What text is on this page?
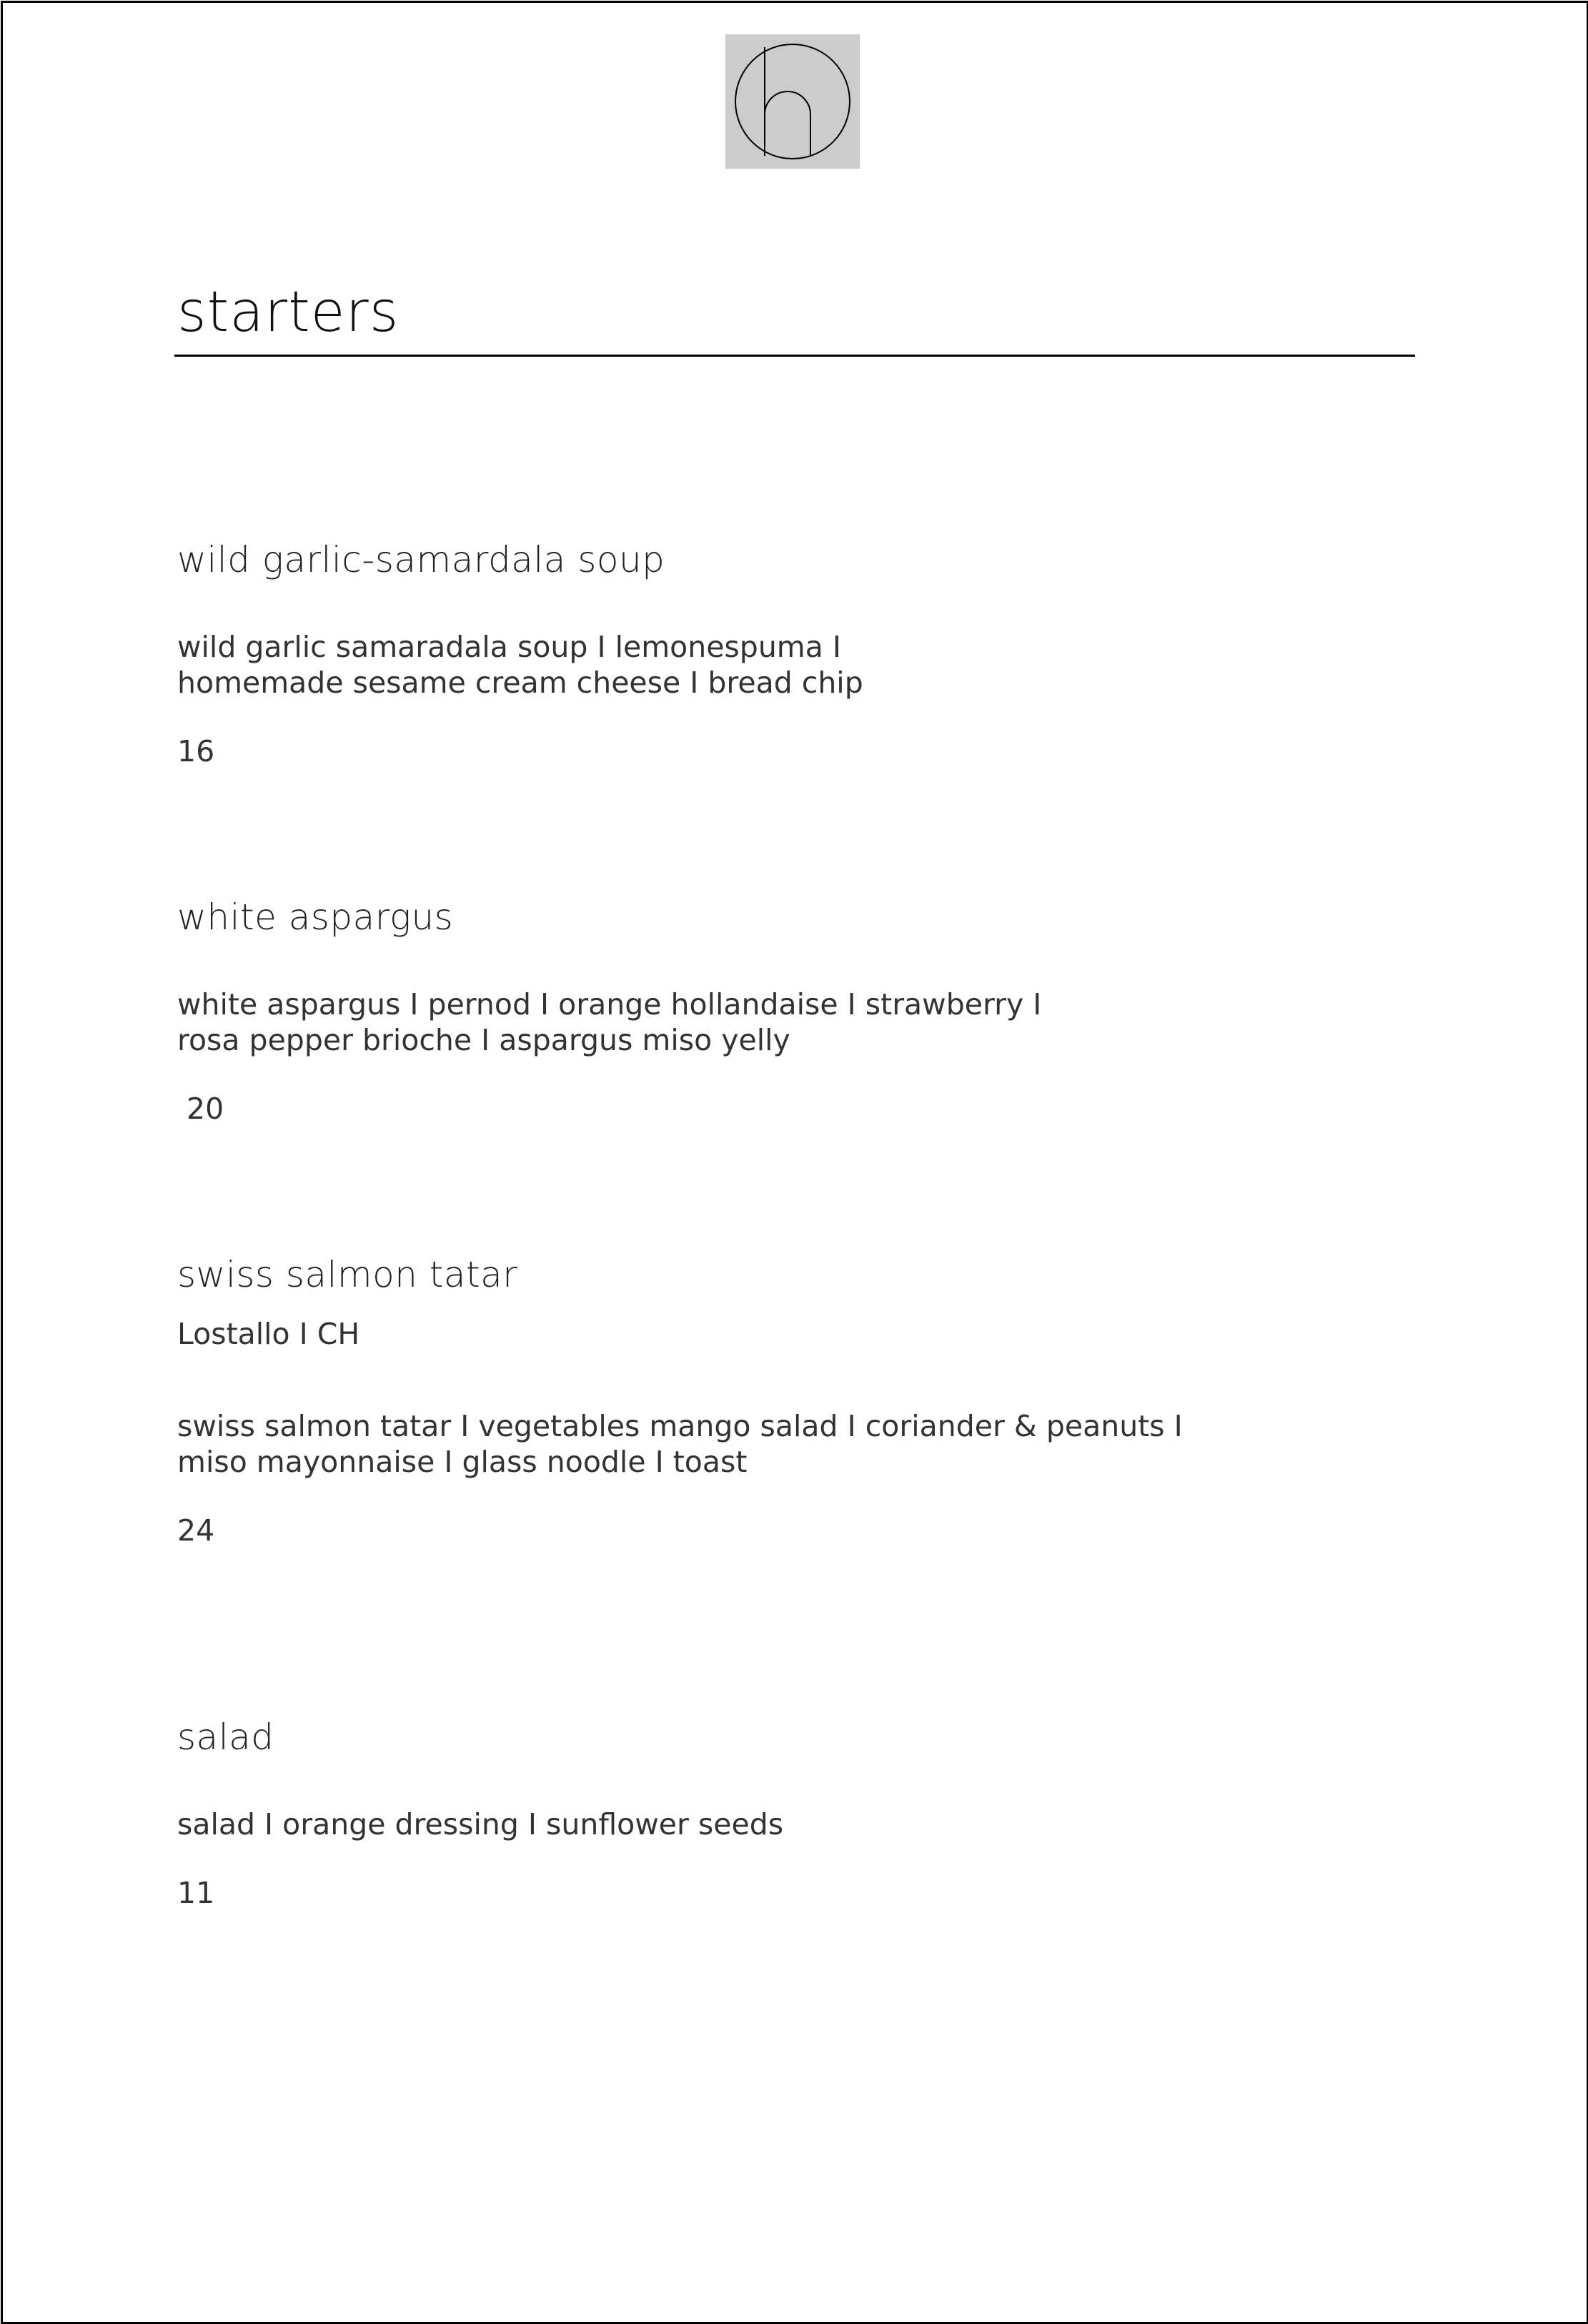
starters

wild garlic-samardala soup

wild garlic samaradala soup I lemonespuma I
homemade sesame cream cheese I bread chip

16

white aspargus

white aspargus I pernod I orange hollandaise I strawberry I
rosa pepper brioche I aspargus miso yelly

20

swiss salmon tatar

Lostallo I CH

swiss salmon tatar I vegetables mango salad I coriander & peanuts I
miso mayonnaise I glass noodle I toast

24

salad

salad I orange dressing I sunflower seeds

11
